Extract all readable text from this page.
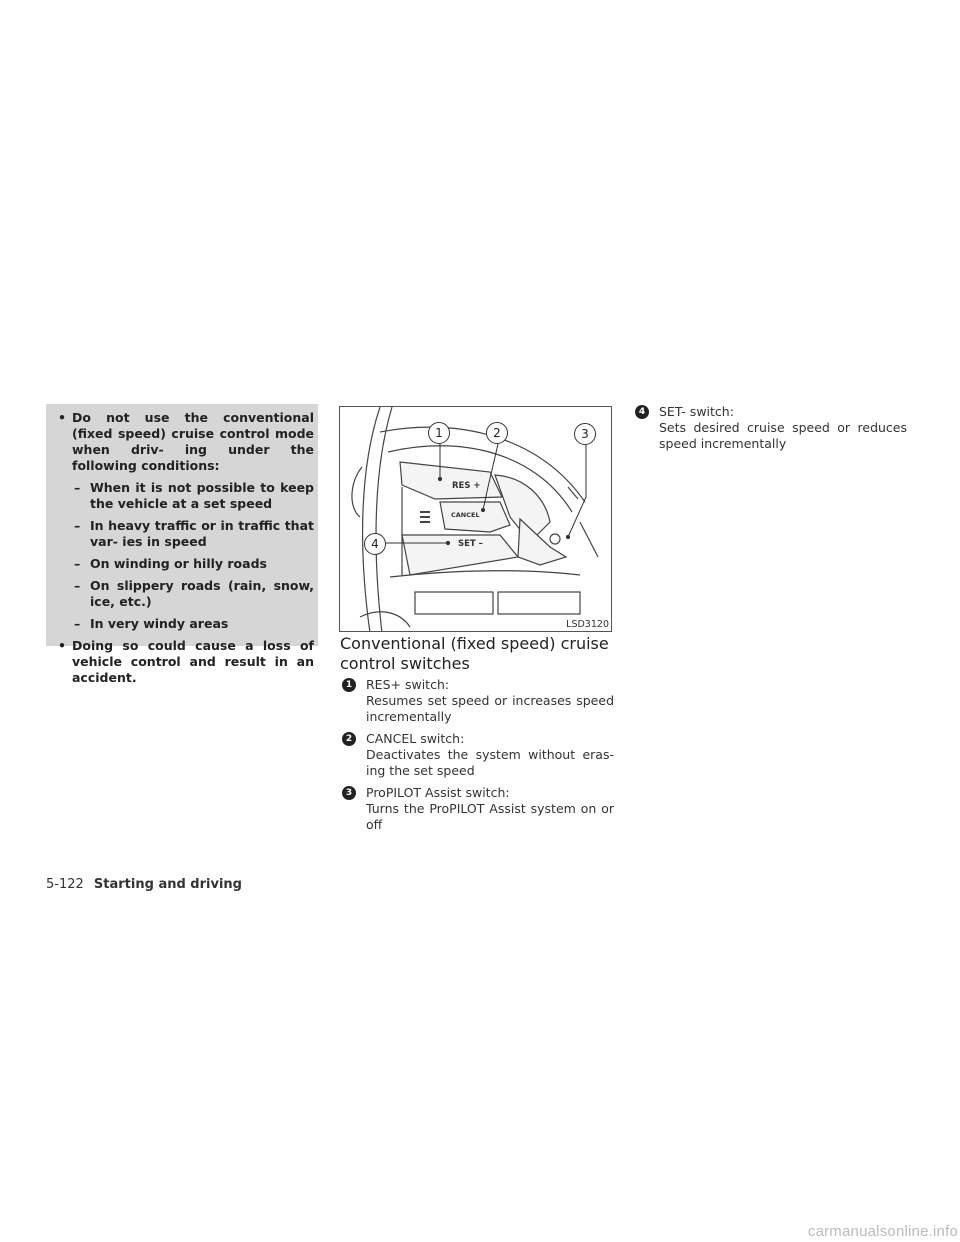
• Do not use the conventional (fixed speed) cruise control mode when driv- ing under the following conditions:
– When it is not possible to keep the vehicle at a set speed
– In heavy traffic or in traffic that var- ies in speed
– On winding or hilly roads
– On slippery roads (rain, snow, ice, etc.)
– In very windy areas
• Doing so could cause a loss of vehicle control and result in an accident.
RES +
CANCEL
SET –
1	2	3
4
LSD3120
Conventional (fixed speed) cruise control switches
1	RES+ switch:
Resumes set speed or increases speed incrementally
2	CANCEL switch:
Deactivates the system without eras- ing the set speed
3	ProPILOT Assist switch:
Turns the ProPILOT Assist system on or off
4	SET- switch:
Sets desired cruise speed or reduces speed incrementally
5-122 Starting and driving
carmanualsonline.info
